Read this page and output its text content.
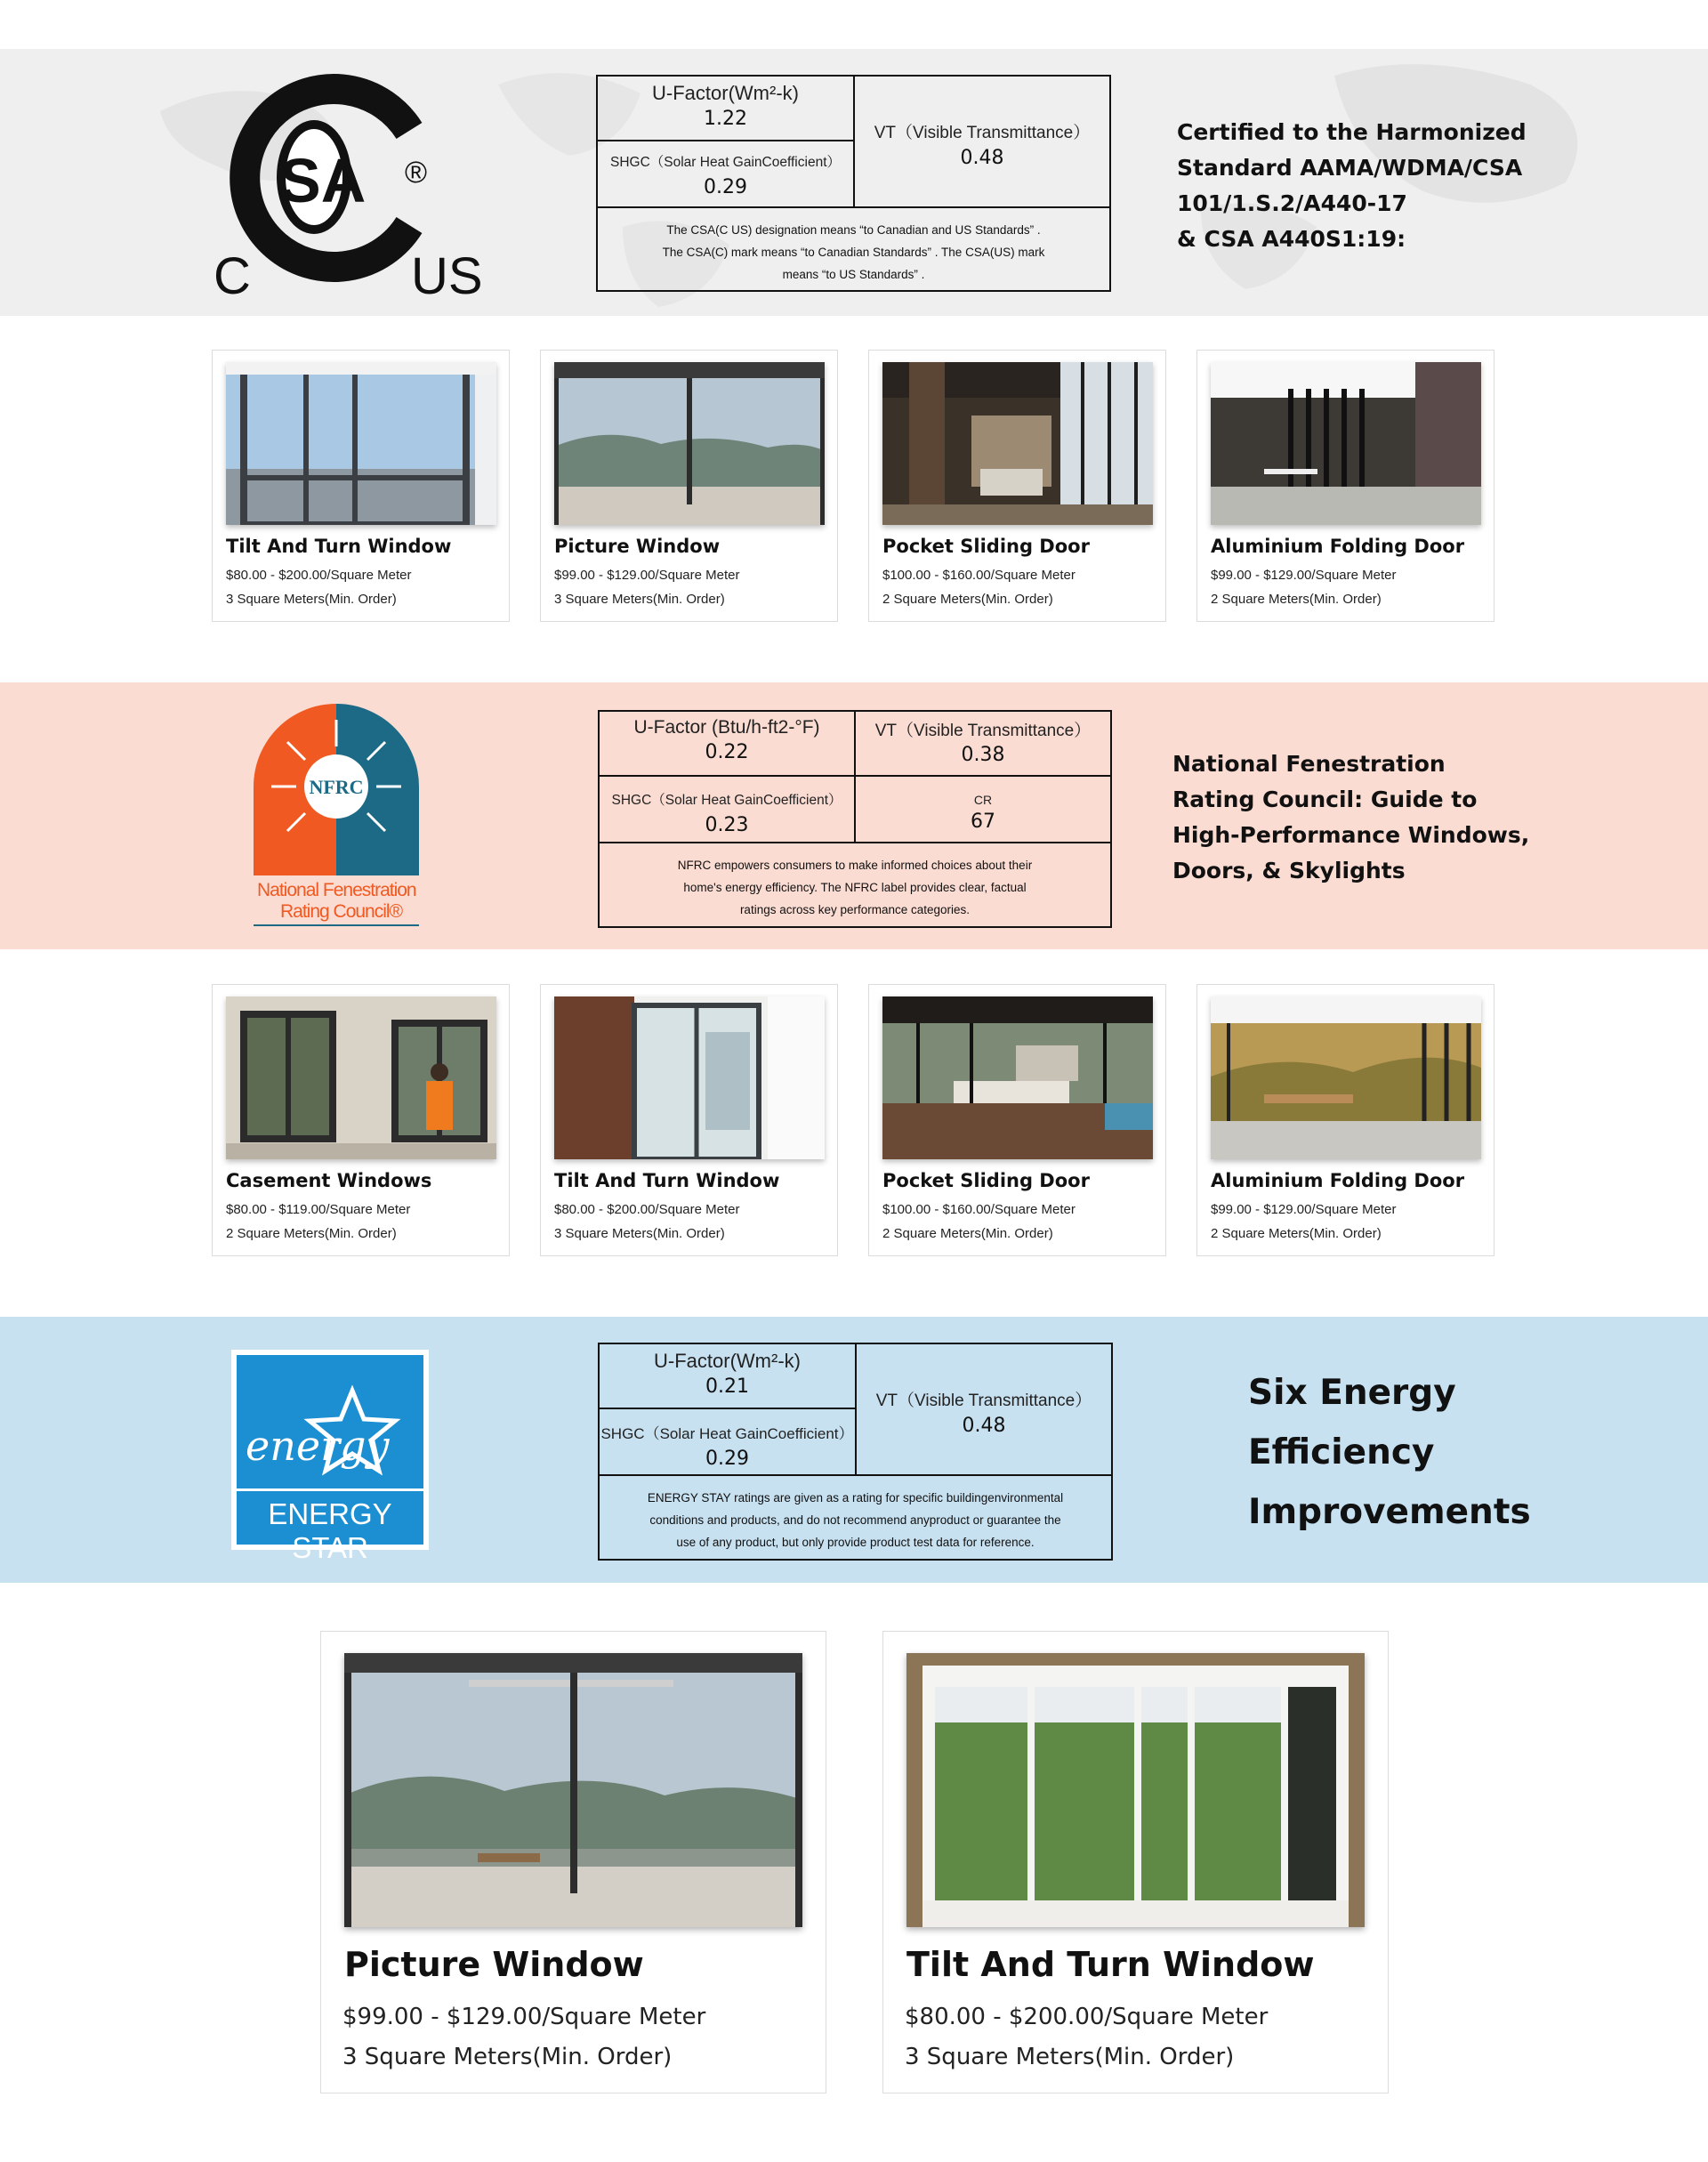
SA
C	US
®
U-Factor(Wm²-k)
1.22
SHGC（Solar Heat GainCoefficient）
0.29
VT（Visible Transmittance）
0.48
The CSA(C US) designation means “to Canadian and US Standards” .
The CSA(C) mark means “to Canadian Standards” . The CSA(US) mark
means “to US Standards” .
Certified to the Harmonized
Standard AAMA/WDMA/CSA
101/1.S.2/A440-17
& CSA A440S1:19:
Tilt And Turn Window
$80.00 - $200.00/Square Meter
3 Square Meters(Min. Order)
Picture Window
$99.00 - $129.00/Square Meter
3 Square Meters(Min. Order)
Pocket Sliding Door
$100.00 - $160.00/Square Meter
2 Square Meters(Min. Order)
Aluminium Folding Door
$99.00 - $129.00/Square Meter
2 Square Meters(Min. Order)
NFRC
National Fenestration
Rating Council®
U-Factor (Btu/h-ft2-°F)
0.22
VT（Visible Transmittance）
0.38
SHGC（Solar Heat GainCoefficient）
0.23
CR
67
NFRC empowers consumers to make informed choices about their
home's energy efficiency. The NFRC label provides clear, factual
ratings across key performance categories.
National Fenestration
Rating Council: Guide to
High-Performance Windows,
Doors, & Skylights
Casement Windows
$80.00 - $119.00/Square Meter
2 Square Meters(Min. Order)
Tilt And Turn Window
$80.00 - $200.00/Square Meter
3 Square Meters(Min. Order)
Pocket Sliding Door
$100.00 - $160.00/Square Meter
2 Square Meters(Min. Order)
Aluminium Folding Door
$99.00 - $129.00/Square Meter
2 Square Meters(Min. Order)
energy
ENERGY STAR
U-Factor(Wm²-k)
0.21
SHGC（Solar Heat GainCoefficient）
0.29
VT（Visible Transmittance）
0.48
ENERGY STAY ratings are given as a rating for specific buildingenvironmental
conditions and products, and do not recommend anyproduct or guarantee the
use of any product, but only provide product test data for reference.
Six Energy
Efficiency
Improvements
Picture Window
$99.00 - $129.00/Square Meter
3 Square Meters(Min. Order)
Tilt And Turn Window
$80.00 - $200.00/Square Meter
3 Square Meters(Min. Order)
